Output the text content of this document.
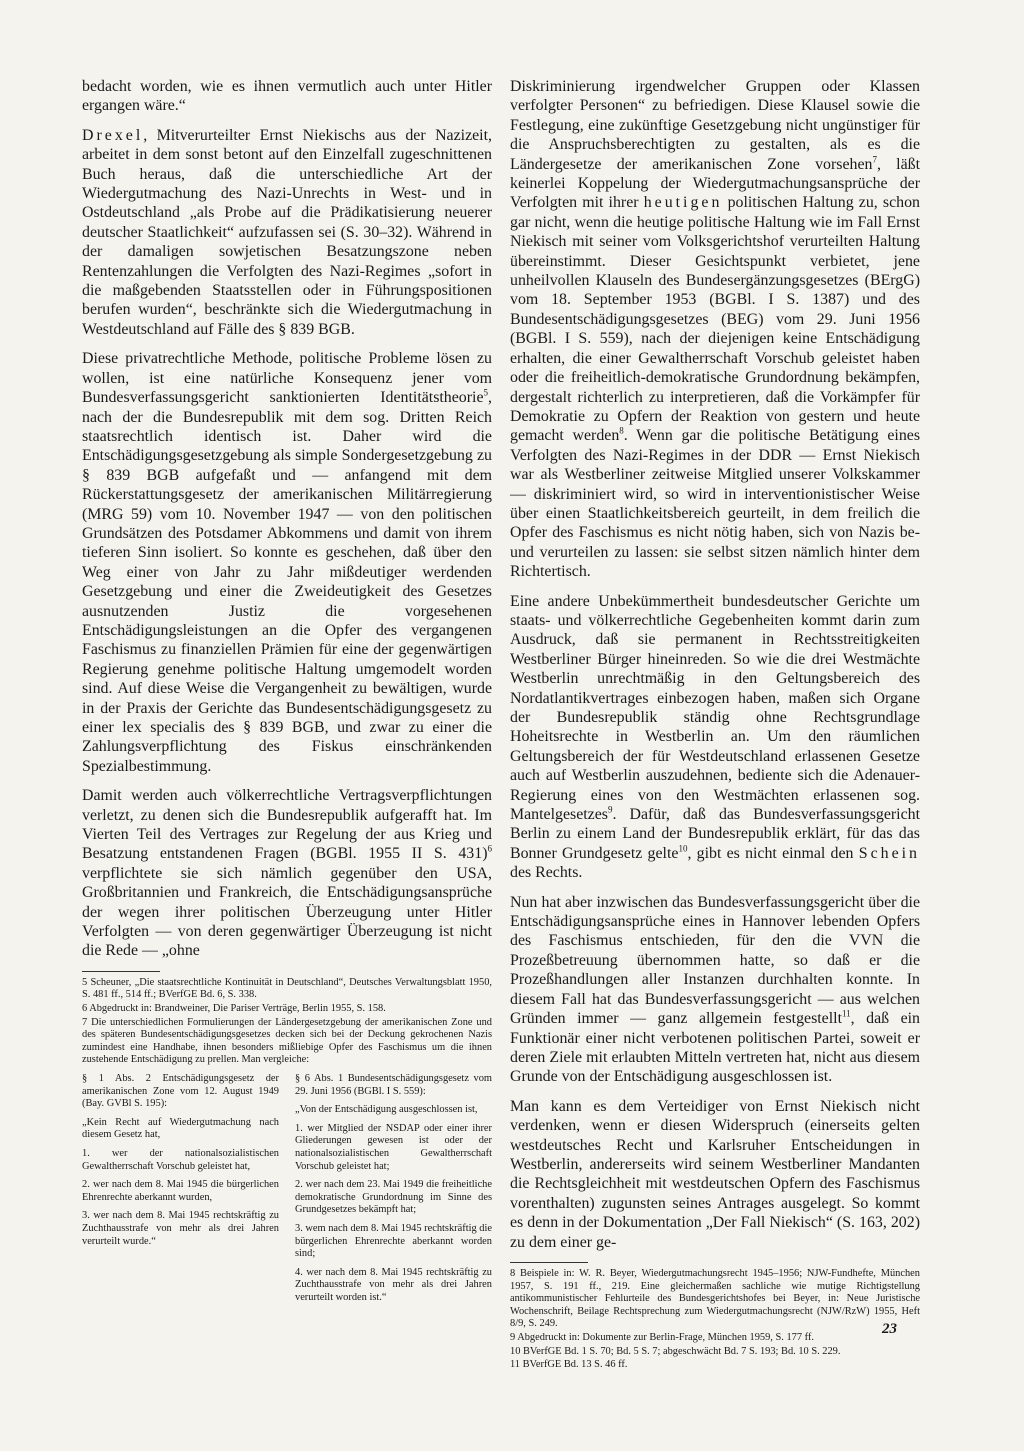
bedacht worden, wie es ihnen vermutlich auch unter Hitler ergangen wäre.“

Drexel, Mitverurteilter Ernst Niekischs aus der Nazizeit, arbeitet in dem sonst betont auf den Einzelfall zugeschnittenen Buch heraus, daß die unterschiedliche Art der Wiedergutmachung des Nazi-Unrechts in West- und in Ostdeutschland „als Probe auf die Prädikatisierung neuerer deutscher Staatlichkeit“ aufzufassen sei (S. 30–32). Während in der damaligen sowjetischen Besatzungszone neben Rentenzahlungen die Verfolgten des Nazi-Regimes „sofort in die maßgebenden Staatsstellen oder in Führungspositionen berufen wurden“, beschränkte sich die Wiedergutmachung in Westdeutschland auf Fälle des § 839 BGB.

Diese privatrechtliche Methode, politische Probleme lösen zu wollen, ist eine natürliche Konsequenz jener vom Bundesverfassungsgericht sanktionierten Identitätstheorie$^5$, nach der die Bundesrepublik mit dem sog. Dritten Reich staatsrechtlich identisch ist. Daher wird die Entschädigungsgesetzgebung als simple Sondergesetzgebung zu § 839 BGB aufgefaßt und — anfangend mit dem Rückerstattungsgesetz der amerikanischen Militärregierung (MRG 59) vom 10. November 1947 — von den politischen Grundsätzen des Potsdamer Abkommens und damit von ihrem tieferen Sinn isoliert. So konnte es geschehen, daß über den Weg einer von Jahr zu Jahr mißdeutiger werdenden Gesetzgebung und einer die Zweideutigkeit des Gesetzes ausnutzenden Justiz die vorgesehenen Entschädigungsleistungen an die Opfer des vergangenen Faschismus zu finanziellen Prämien für eine der gegenwärtigen Regierung genehme politische Haltung umgemodelt worden sind. Auf diese Weise die Vergangenheit zu bewältigen, wurde in der Praxis der Gerichte das Bundesentschädigungsgesetz zu einer lex specialis des § 839 BGB, und zwar zu einer die Zahlungsverpflichtung des Fiskus einschränkenden Spezialbestimmung.

Damit werden auch völkerrechtliche Vertragsverpflichtungen verletzt, zu denen sich die Bundesrepublik aufgerafft hat. Im Vierten Teil des Vertrages zur Regelung der aus Krieg und Besatzung entstandenen Fragen (BGBl. 1955 II S. 431)$^6$ verpflichtete sie sich nämlich gegenüber den USA, Großbritannien und Frankreich, die Entschädigungsansprüche der wegen ihrer politischen Überzeugung unter Hitler Verfolgten — von deren gegenwärtiger Überzeugung ist nicht die Rede — „ohne

5 Scheuner, „Die staatsrechtliche Kontinuität in Deutschland“, Deutsches Verwaltungsblatt 1950, S. 481 ff., 514 ff.; BVerfGE Bd. 6, S. 338.

6 Abgedruckt in: Brandweiner, Die Pariser Verträge, Berlin 1955, S. 158.

7 Die unterschiedlichen Formulierungen der Ländergesetzgebung der amerikanischen Zone und des späteren Bundesentschädigungsgesetzes decken sich bei der Deckung gekrochenen Nazis zumindest eine Handhabe, ihnen besonders mißliebige Opfer des Faschismus um die ihnen zustehende Entschädigung zu prellen. Man vergleiche:

§ 1 Abs. 2 Entschädigungsgesetz der amerikanischen Zone vom 12. August 1949 (Bay. GVBl S. 195):

„Kein Recht auf Wiedergutmachung nach diesem Gesetz hat,

1. wer der nationalsozialistischen Gewaltherrschaft Vorschub geleistet hat,

2. wer nach dem 8. Mai 1945 die bürgerlichen Ehrenrechte aberkannt wurden,

3. wer nach dem 8. Mai 1945 rechtskräftig zu Zuchthausstrafe von mehr als drei Jahren verurteilt wurde.“

§ 6 Abs. 1 Bundesentschädigungsgesetz vom 29. Juni 1956 (BGBl. I S. 559):

„Von der Entschädigung ausgeschlossen ist,

1. wer Mitglied der NSDAP oder einer ihrer Gliederungen gewesen ist oder der nationalsozialistischen Gewaltherrschaft Vorschub geleistet hat;

2. wer nach dem 23. Mai 1949 die freiheitliche demokratische Grundordnung im Sinne des Grundgesetzes bekämpft hat;

3. wem nach dem 8. Mai 1945 rechtskräftig die bürgerlichen Ehrenrechte aberkannt worden sind;

4. wer nach dem 8. Mai 1945 rechtskräftig zu Zuchthausstrafe von mehr als drei Jahren verurteilt worden ist.“

Diskriminierung irgendwelcher Gruppen oder Klassen verfolgter Personen“ zu befriedigen. Diese Klausel sowie die Festlegung, eine zukünftige Gesetzgebung nicht ungünstiger für die Anspruchsberechtigten zu gestalten, als es die Ländergesetze der amerikanischen Zone vorsehen$^7$, läßt keinerlei Koppelung der Wiedergutmachungsansprüche der Verfolgten mit ihrer heutigen politischen Haltung zu, schon gar nicht, wenn die heutige politische Haltung wie im Fall Ernst Niekisch mit seiner vom Volksgerichtshof verurteilten Haltung übereinstimmt. Dieser Gesichtspunkt verbietet, jene unheilvollen Klauseln des Bundesergänzungsgesetzes (BErgG) vom 18. September 1953 (BGBl. I S. 1387) und des Bundesentschädigungsgesetzes (BEG) vom 29. Juni 1956 (BGBl. I S. 559), nach der diejenigen keine Entschädigung erhalten, die einer Gewaltherrschaft Vorschub geleistet haben oder die freiheitlich-demokratische Grundordnung bekämpfen, dergestalt richterlich zu interpretieren, daß die Vorkämpfer für Demokratie zu Opfern der Reaktion von gestern und heute gemacht werden$^8$. Wenn gar die politische Betätigung eines Verfolgten des Nazi-Regimes in der DDR — Ernst Niekisch war als Westberliner zeitweise Mitglied unserer Volkskammer — diskriminiert wird, so wird in interventionistischer Weise über einen Staatlichkeitsbereich geurteilt, in dem freilich die Opfer des Faschismus es nicht nötig haben, sich von Nazis be- und verurteilen zu lassen: sie selbst sitzen nämlich hinter dem Richtertisch.

Eine andere Unbekümmertheit bundesdeutscher Gerichte um staats- und völkerrechtliche Gegebenheiten kommt darin zum Ausdruck, daß sie permanent in Rechtsstreitigkeiten Westberliner Bürger hineinreden. So wie die drei Westmächte Westberlin unrechtmäßig in den Geltungsbereich des Nordatlantikvertrages einbezogen haben, maßen sich Organe der Bundesrepublik ständig ohne Rechtsgrundlage Hoheitsrechte in Westberlin an. Um den räumlichen Geltungsbereich der für Westdeutschland erlassenen Gesetze auch auf Westberlin auszudehnen, bediente sich die Adenauer-Regierung eines von den Westmächten erlassenen sog. Mantelgesetzes$^9$. Dafür, daß das Bundesverfassungsgericht Berlin zu einem Land der Bundesrepublik erklärt, für das das Bonner Grundgesetz gelte$^{10}$, gibt es nicht einmal den Schein des Rechts.

Nun hat aber inzwischen das Bundesverfassungsgericht über die Entschädigungsansprüche eines in Hannover lebenden Opfers des Faschismus entschieden, für den die VVN die Prozeßbetreuung übernommen hatte, so daß er die Prozeßhandlungen aller Instanzen durchhalten konnte. In diesem Fall hat das Bundesverfassungsgericht — aus welchen Gründen immer — ganz allgemein festgestellt$^{11}$, daß ein Funktionär einer nicht verbotenen politischen Partei, soweit er deren Ziele mit erlaubten Mitteln vertreten hat, nicht aus diesem Grunde von der Entschädigung ausgeschlossen ist.

Man kann es dem Verteidiger von Ernst Niekisch nicht verdenken, wenn er diesen Widerspruch (einerseits gelten westdeutsches Recht und Karlsruher Entscheidungen in Westberlin, andererseits wird seinem Westberliner Mandanten die Rechtsgleichheit mit westdeutschen Opfern des Faschismus vorenthalten) zugunsten seines Antrages ausgelegt. So kommt es denn in der Dokumentation „Der Fall Niekisch“ (S. 163, 202) zu dem einer ge-

8 Beispiele in: W. R. Beyer, Wiedergutmachungsrecht 1945–1956; NJW-Fundhefte, München 1957, S. 191 ff., 219. Eine gleichermaßen sachliche wie mutige Richtigstellung antikommunistischer Fehlurteile des Bundesgerichtshofes bei Beyer, in: Neue Juristische Wochenschrift, Beilage Rechtsprechung zum Wiedergutmachungsrecht (NJW/RzW) 1955, Heft 8/9, S. 249.

9 Abgedruckt in: Dokumente zur Berlin-Frage, München 1959, S. 177 ff.

10 BVerfGE Bd. 1 S. 70; Bd. 5 S. 7; abgeschwächt Bd. 7 S. 193; Bd. 10 S. 229.

11 BVerfGE Bd. 13 S. 46 ff.

23
